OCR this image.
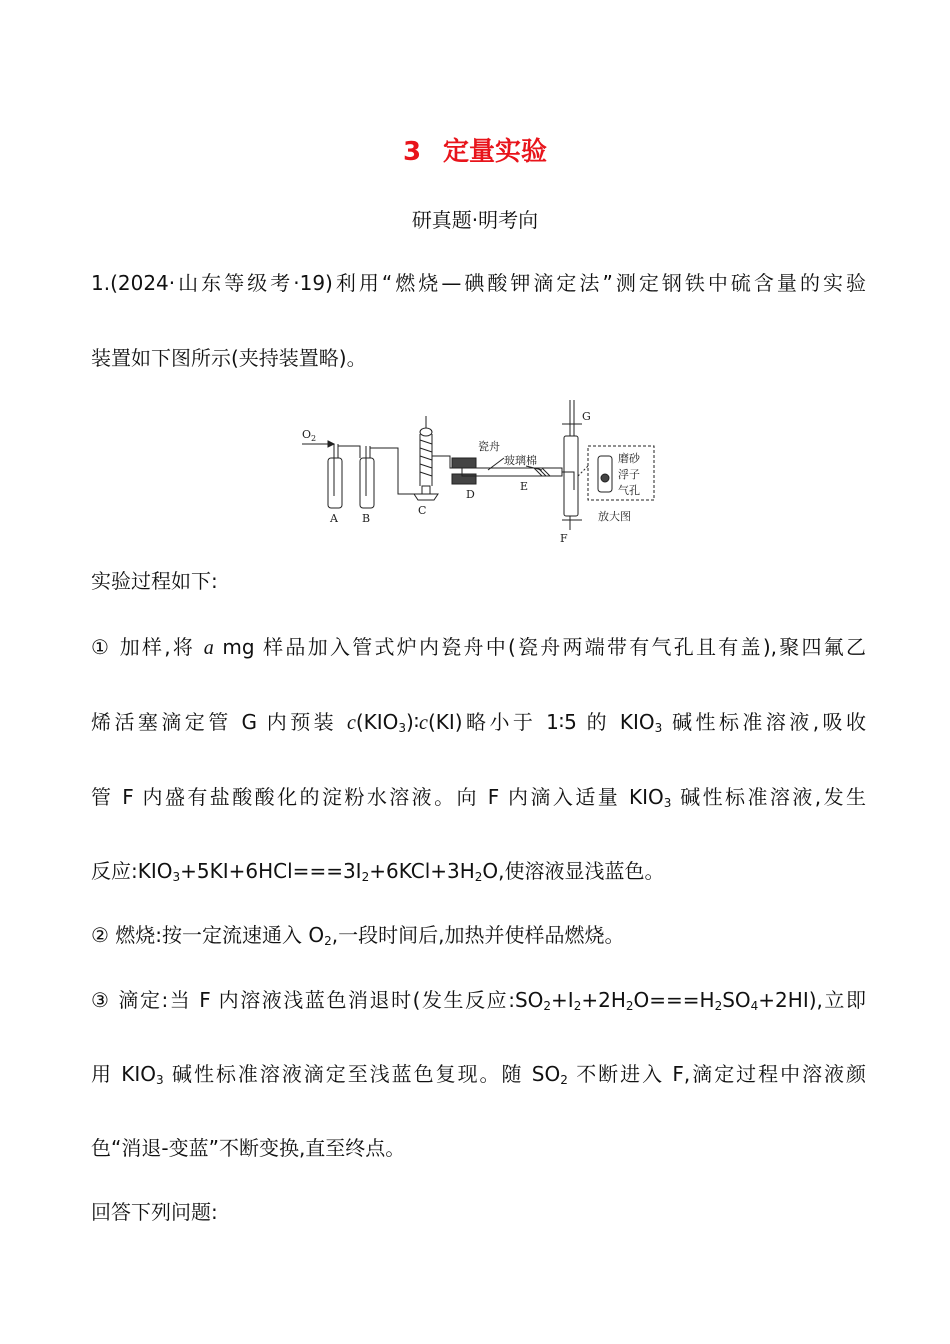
3 定量实验
研真题·明考向
1.(2024·山东等级考·19)利用“燃烧—碘酸钾滴定法”测定钢铁中硫含量的实验
装置如下图所示(夹持装置略)。
$O_2$
A B
C
D
E
F
G
瓷舟
玻璃棉	磨砂
浮子
气孔
放大图
实验过程如下:
① 加样,将 a mg 样品加入管式炉内瓷舟中(瓷舟两端带有气孔且有盖),聚四氟乙
烯活塞滴定管 G 内预装 $c(KIO_3)∶c(KI)$略小于 1∶5 的 $KIO_3$ 碱性标准溶液,吸收
管 F 内盛有盐酸酸化的淀粉水溶液。向 F 内滴入适量 $KIO_3$ 碱性标准溶液,发生
反应$:KIO_3+5KI+6HCl===3I_2+6KCl+3H_2O$,使溶液显浅蓝色。
② 燃烧:按一定流速通入 $O_2$,一段时间后,加热并使样品燃烧。
③ 滴定:当 F 内溶液浅蓝色消退时(发生反应$:SO_2+I_2+2H_2O===H_2SO_4+2HI$),立即
用 $KIO_3$ 碱性标准溶液滴定至浅蓝色复现。随 $SO_2$ 不断进入 F,滴定过程中溶液颜
色“消退-变蓝”不断变换,直至终点。
回答下列问题:
